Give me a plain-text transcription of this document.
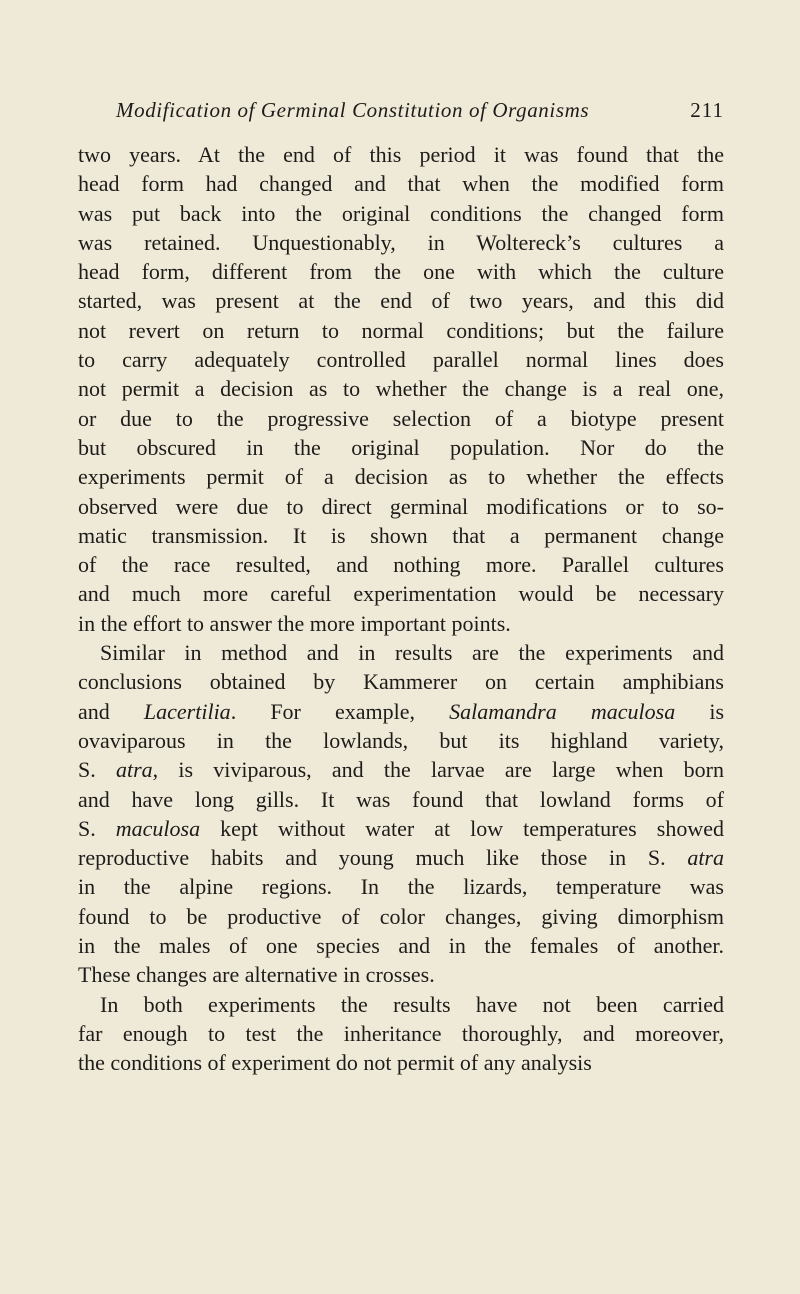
Modification of Germinal Constitution of Organisms	211
two years. At the end of this period it was found that the
head form had changed and that when the modified form
was put back into the original conditions the changed form
was retained. Unquestionably, in Woltereck’s cultures a
head form, different from the one with which the culture
started, was present at the end of two years, and this did
not revert on return to normal conditions; but the failure
to carry adequately controlled parallel normal lines does
not permit a decision as to whether the change is a real one,
or due to the progressive selection of a biotype present
but obscured in the original population. Nor do the
experiments permit of a decision as to whether the effects
observed were due to direct germinal modifications or to so-
matic transmission. It is shown that a permanent change
of the race resulted, and nothing more. Parallel cultures
and much more careful experimentation would be necessary
in the effort to answer the more important points.
Similar in method and in results are the experiments and
conclusions obtained by Kammerer on certain amphibians
and Lacertilia. For example, Salamandra maculosa is
ovaviparous in the lowlands, but its highland variety,
S. atra, is viviparous, and the larvae are large when born
and have long gills. It was found that lowland forms of
S. maculosa kept without water at low temperatures showed
reproductive habits and young much like those in S. atra
in the alpine regions. In the lizards, temperature was
found to be productive of color changes, giving dimorphism
in the males of one species and in the females of another.
These changes are alternative in crosses.
In both experiments the results have not been carried
far enough to test the inheritance thoroughly, and moreover,
the conditions of experiment do not permit of any analysis
